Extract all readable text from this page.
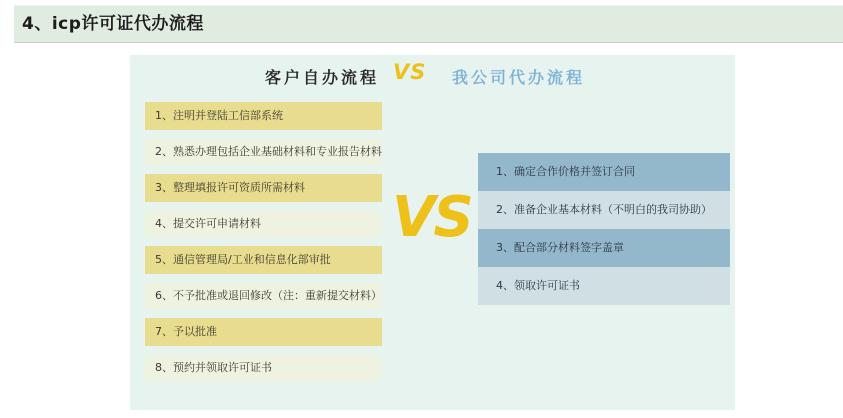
4、icp许可证代办流程
客户自办流程 VS 我公司代办流程
1、注明并登陆工信部系统
2、熟悉办理包括企业基础材料和专业报告材料
3、整理填报许可资质所需材料
4、提交许可申请材料
5、通信管理局/工业和信息化部审批
6、不予批准或退回修改（注：重新提交材料）
7、予以批准
8、预约并领取许可证书
VS
1、确定合作价格并签订合同
2、准备企业基本材料（不明白的我司协助）
3、配合部分材料签字盖章
4、领取许可证书
